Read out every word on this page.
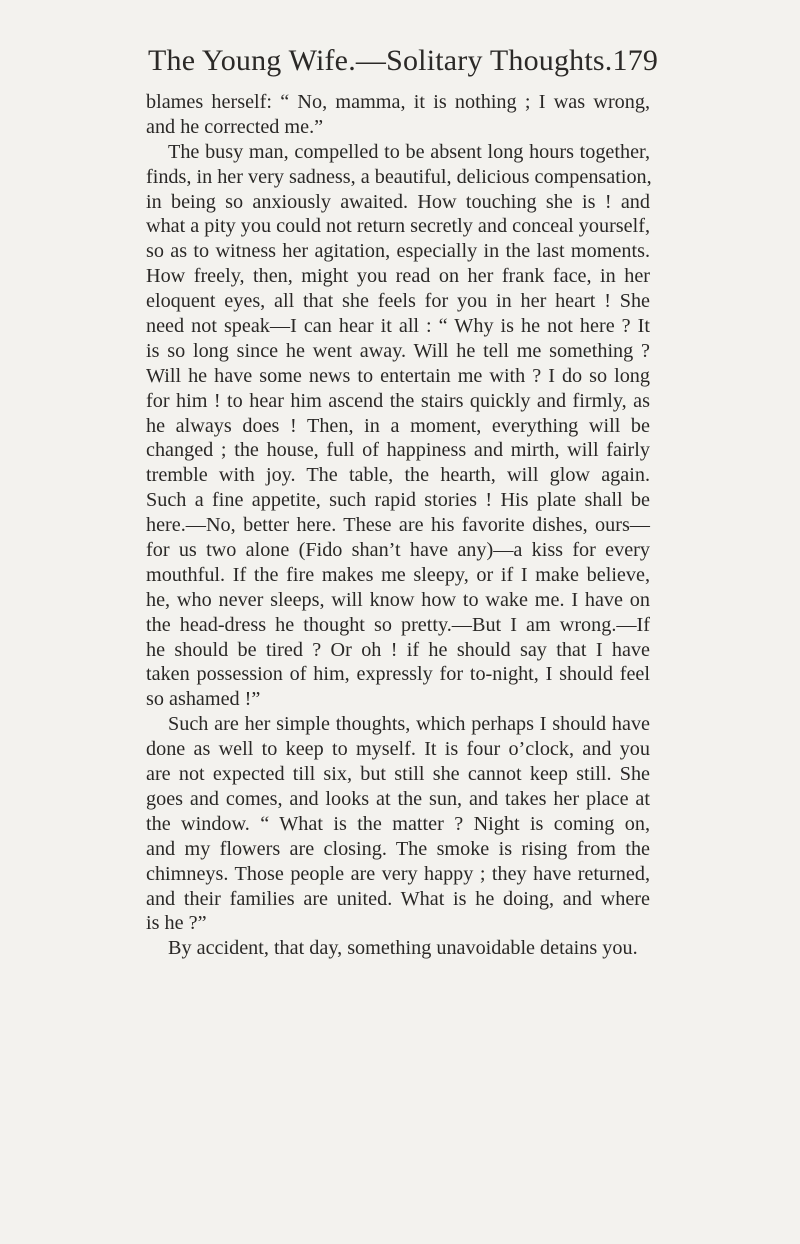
The Young Wife.—Solitary Thoughts. 179
blames herself: “ No, mamma, it is nothing ; I was wrong,
and he corrected me.”
The busy man, compelled to be absent long hours together,
finds, in her very sadness, a beautiful, delicious compensation,
in being so anxiously awaited. How touching she is ! and
what a pity you could not return secretly and conceal yourself,
so as to witness her agitation, especially in the last moments.
How freely, then, might you read on her frank face, in her
eloquent eyes, all that she feels for you in her heart ! She
need not speak—I can hear it all : “ Why is he not here ? It
is so long since he went away. Will he tell me something ?
Will he have some news to entertain me with ? I do so long
for him ! to hear him ascend the stairs quickly and firmly, as
he always does ! Then, in a moment, everything will be
changed ; the house, full of happiness and mirth, will fairly
tremble with joy. The table, the hearth, will glow again.
Such a fine appetite, such rapid stories ! His plate shall be
here.—No, better here. These are his favorite dishes, ours—
for us two alone (Fido shan’t have any)—a kiss for every
mouthful. If the fire makes me sleepy, or if I make believe,
he, who never sleeps, will know how to wake me. I have on
the head-dress he thought so pretty.—But I am wrong.—If
he should be tired ? Or oh ! if he should say that I have
taken possession of him, expressly for to-night, I should feel
so ashamed !”
Such are her simple thoughts, which perhaps I should have
done as well to keep to myself. It is four o’clock, and you
are not expected till six, but still she cannot keep still. She
goes and comes, and looks at the sun, and takes her place at
the window. “ What is the matter ? Night is coming on,
and my flowers are closing. The smoke is rising from the
chimneys. Those people are very happy ; they have returned,
and their families are united. What is he doing, and where
is he ?”
By accident, that day, something unavoidable detains you.
